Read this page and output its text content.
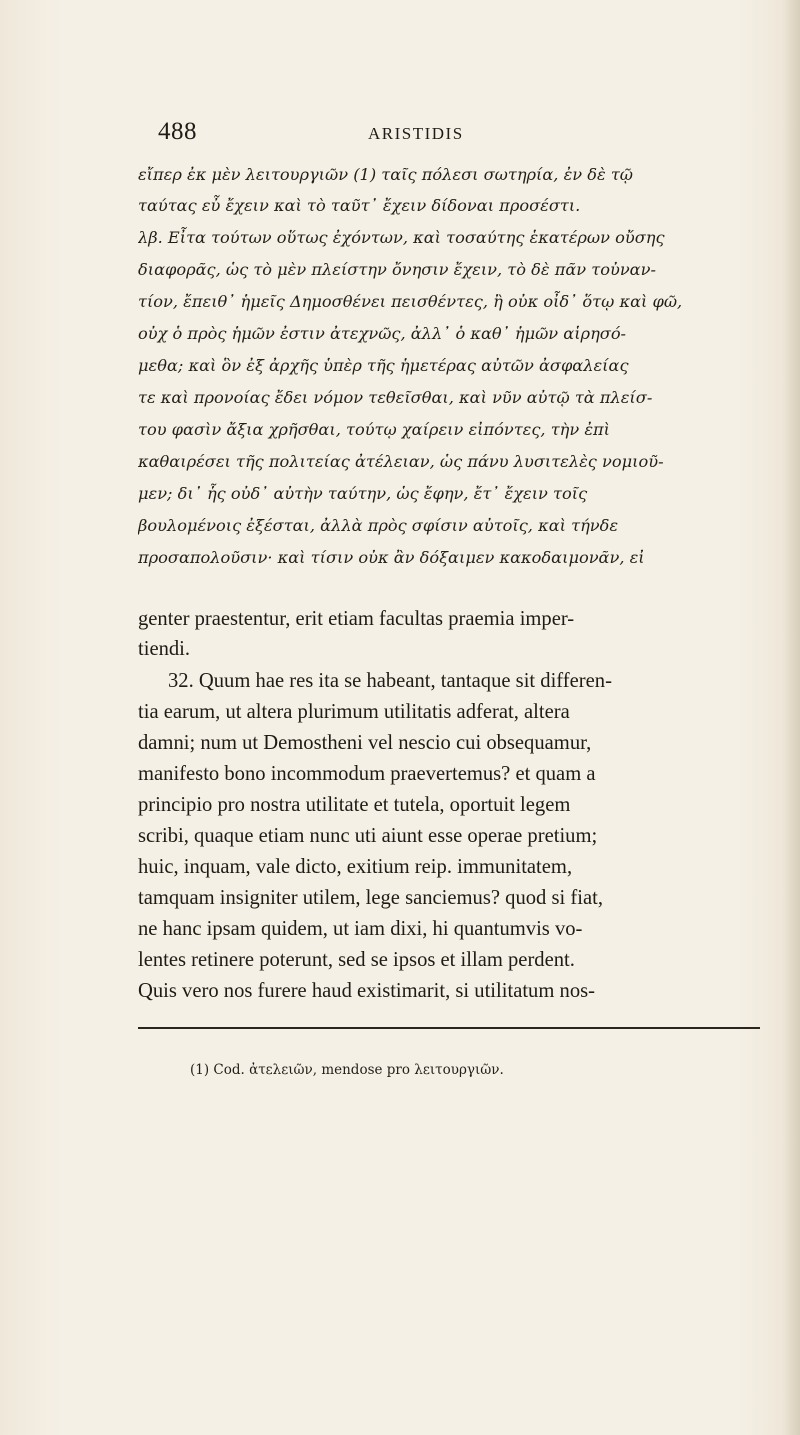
488	ARISTIDIS
εἴπερ ἐκ μὲν λειτουργιῶν (1) ταῖς πόλεσι σωτηρία, ἐν δὲ τῷ
ταύτας εὖ ἔχειν καὶ τὸ ταῦτ᾽ ἔχειν δίδοναι προσέστι.
λβ. Εἶτα τούτων οὕτως ἐχόντων, καὶ τοσαύτης ἑκατέρων οὔσης
διαφορᾶς, ὡς τὸ μὲν πλείστην ὄνησιν ἔχειν, τὸ δὲ πᾶν τοὐναν-
τίον, ἔπειθ᾽ ἡμεῖς Δημοσθένει πεισθέντες, ἢ οὐκ οἶδ᾽ ὅτῳ καὶ φῶ,
οὐχ ὁ πρὸς ἡμῶν ἐστιν ἀτεχνῶς, ἀλλ᾽ ὁ καθ᾽ ἡμῶν αἱρησό-
μεθα; καὶ ὃν ἐξ ἀρχῆς ὑπὲρ τῆς ἡμετέρας αὐτῶν ἀσφαλείας
τε καὶ προνοίας ἔδει νόμον τεθεῖσθαι, καὶ νῦν αὐτῷ τὰ πλείσ-
του φασὶν ἄξια χρῆσθαι, τούτῳ χαίρειν εἰπόντες, τὴν ἐπὶ
καθαιρέσει τῆς πολιτείας ἀτέλειαν, ὡς πάνυ λυσιτελὲς νομιοῦ-
μεν; δι᾽ ἧς οὐδ᾽ αὐτὴν ταύτην, ὡς ἔφην, ἔτ᾽ ἔχειν τοῖς
βουλομένοις ἐξέσται, ἀλλὰ πρὸς σφίσιν αὐτοῖς, καὶ τήνδε
προσαπολοῦσιν· καὶ τίσιν οὐκ ἂν δόξαιμεν κακοδαιμονᾶν, εἰ
genter praestentur, erit etiam facultas praemia imper-
tiendi.
32. Quum hae res ita se habeant, tantaque sit differen-
tia earum, ut altera plurimum utilitatis adferat, altera
damni; num ut Demostheni vel nescio cui obsequamur,
manifesto bono incommodum praevertemus? et quam a
principio pro nostra utilitate et tutela, oportuit legem
scribi, quaque etiam nunc uti aiunt esse operae pretium;
huic, inquam, vale dicto, exitium reip. immunitatem,
tamquam insigniter utilem, lege sanciemus? quod si fiat,
ne hanc ipsam quidem, ut iam dixi, hi quantumvis vo-
lentes retinere poterunt, sed se ipsos et illam perdent.
Quis vero nos furere haud existimarit, si utilitatum nos-
(1) Cod. ἀτελειῶν, mendose pro λειτουργιῶν.
